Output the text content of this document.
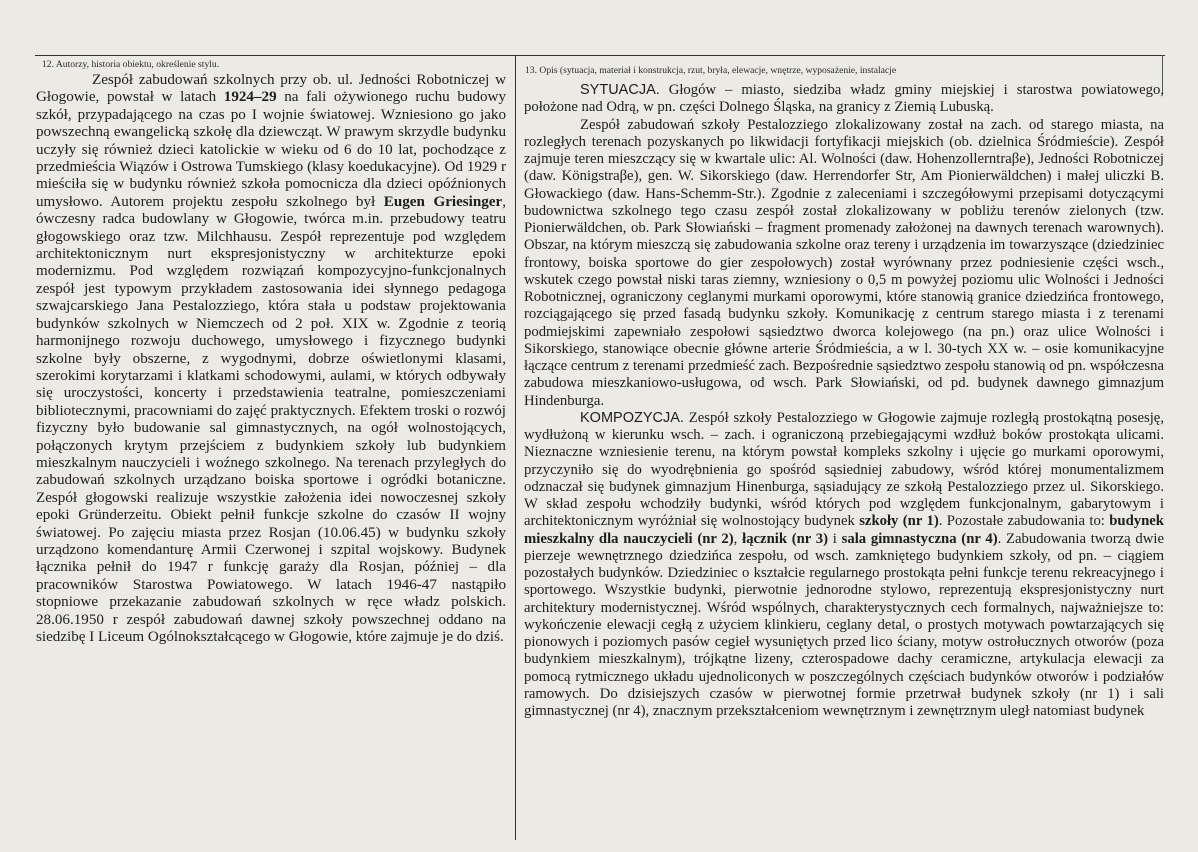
12. Autorzy, historia obiektu, określenie stylu.
13. Opis (sytuacja, materiał i konstrukcja, rzut, bryła, elewacje, wnętrze, wyposażenie, instalacje

Zespół zabudowań szkolnych przy ob. ul. Jedności Robotniczej w Głogowie, powstał w latach 1924–29 na fali ożywionego ruchu budowy szkół, przypadającego na czas po I wojnie światowej. Wzniesiono go jako powszechną ewangelicką szkołę dla dziewcząt. W prawym skrzydle budynku uczyły się również dzieci katolickie w wieku od 6 do 10 lat, pochodzące z przedmieścia Wiązów i Ostrowa Tumskiego (klasy koedukacyjne). Od 1929 r mieściła się w budynku również szkoła pomocnicza dla dzieci opóźnionych umysłowo. Autorem projektu zespołu szkolnego był Eugen Griesinger, ówczesny radca budowlany w Głogowie, twórca m.in. przebudowy teatru głogowskiego oraz tzw. Milchhausu. Zespół reprezentuje pod względem architektonicznym nurt ekspresjonistyczny w architekturze epoki modernizmu. Pod względem rozwiązań kompozycyjno-funkcjonalnych zespół jest typowym przykładem zastosowania idei słynnego pedagoga szwajcarskiego Jana Pestalozziego, która stała u podstaw projektowania budynków szkolnych w Niemczech od 2 poł. XIX w. Zgodnie z teorią harmonijnego rozwoju duchowego, umysłowego i fizycznego budynki szkolne były obszerne, z wygodnymi, dobrze oświetlonymi klasami, szerokimi korytarzami i klatkami schodowymi, aulami, w których odbywały się uroczystości, koncerty i przedstawienia teatralne, pomieszczeniami bibliotecznymi, pracowniami do zajęć praktycznych. Efektem troski o rozwój fizyczny było budowanie sal gimnastycznych, na ogół wolnostojących, połączonych krytym przejściem z budynkiem szkoły lub budynkiem mieszkalnym nauczycieli i woźnego szkolnego. Na terenach przyległych do zabudowań szkolnych urządzano boiska sportowe i ogródki botaniczne. Zespół głogowski realizuje wszystkie założenia idei nowoczesnej szkoły epoki Gründerzeitu. Obiekt pełnił funkcje szkolne do czasów II wojny światowej. Po zajęciu miasta przez Rosjan (10.06.45) w budynku szkoły urządzono komendanturę Armii Czerwonej i szpital wojskowy. Budynek łącznika pełnił do 1947 r funkcję garaży dla Rosjan, później – dla pracowników Starostwa Powiatowego. W latach 1946-47 nastąpiło stopniowe przekazanie zabudowań szkolnych w ręce władz polskich. 28.06.1950 r zespół zabudowań dawnej szkoły powszechnej oddano na siedzibę I Liceum Ogólnokształcącego w Głogowie, które zajmuje je do dziś.

SYTUACJA. Głogów – miasto, siedziba władz gminy miejskiej i starostwa powiatowego, położone nad Odrą, w pn. części Dolnego Śląska, na granicy z Ziemią Lubuską.

Zespół zabudowań szkoły Pestalozziego zlokalizowany został na zach. od starego miasta, na rozległych terenach pozyskanych po likwidacji fortyfikacji miejskich (ob. dzielnica Śródmieście). Zespół zajmuje teren mieszczący się w kwartale ulic: Al. Wolności (daw. Hohenzollerntraβe), Jedności Robotniczej (daw. Königstraβe), gen. W. Sikorskiego (daw. Herrendorfer Str, Am Pionierwäldchen) i małej uliczki B. Głowackiego (daw. Hans-Schemm-Str.). Zgodnie z zaleceniami i szczegółowymi przepisami dotyczącymi budownictwa szkolnego tego czasu zespół został zlokalizowany w pobliżu terenów zielonych (tzw. Pionierwäldchen, ob. Park Słowiański – fragment promenady założonej na dawnych terenach warownych). Obszar, na którym mieszczą się zabudowania szkolne oraz tereny i urządzenia im towarzyszące (dziedziniec frontowy, boiska sportowe do gier zespołowych) został wyrównany przez podniesienie części wsch., wskutek czego powstał niski taras ziemny, wzniesiony o 0,5 m powyżej poziomu ulic Wolności i Jedności Robotnicznej, ograniczony ceglanymi murkami oporowymi, które stanowią granice dziedzińca frontowego, rozciągającego się przed fasadą budynku szkoły. Komunikację z centrum starego miasta i z terenami podmiejskimi zapewniało zespołowi sąsiedztwo dworca kolejowego (na pn.) oraz ulice Wolności i Sikorskiego, stanowiące obecnie główne arterie Śródmieścia, a w l. 30-tych XX w. – osie komunikacyjne łączące centrum z terenami przedmieść zach. Bezpośrednie sąsiedztwo zespołu stanowią od pn. współczesna zabudowa mieszkaniowo-usługowa, od wsch. Park Słowiański, od pd. budynek dawnego gimnazjum Hindenburga.

KOMPOZYCJA. Zespół szkoły Pestalozziego w Głogowie zajmuje rozległą prostokątną posesję, wydłużoną w kierunku wsch. – zach. i ograniczoną przebiegającymi wzdłuż boków prostokąta ulicami. Nieznaczne wzniesienie terenu, na którym powstał kompleks szkolny i ujęcie go murkami oporowymi, przyczyniło się do wyodrębnienia go spośród sąsiedniej zabudowy, wśród której monumentalizmem odznaczał się budynek gimnazjum Hinenburga, sąsiadujący ze szkołą Pestalozziego przez ul. Sikorskiego. W skład zespołu wchodziły budynki, wśród których pod względem funkcjonalnym, gabarytowym i architektonicznym wyróżniał się wolnostojący budynek szkoły (nr 1). Pozostałe zabudowania to: budynek mieszkalny dla nauczycieli (nr 2), łącznik (nr 3) i sala gimnastyczna (nr 4). Zabudowania tworzą dwie pierzeje wewnętrznego dziedzińca zespołu, od wsch. zamkniętego budynkiem szkoły, od pn. – ciągiem pozostałych budynków. Dziedziniec o kształcie regularnego prostokąta pełni funkcje terenu rekreacyjnego i sportowego. Wszystkie budynki, pierwotnie jednorodne stylowo, reprezentują ekspresjonistyczny nurt architektury modernistycznej. Wśród wspólnych, charakterystycznych cech formalnych, najważniejsze to: wykończenie elewacji cegłą z użyciem klinkieru, ceglany detal, o prostych motywach powtarzających się pionowych i poziomych pasów cegieł wysuniętych przed lico ściany, motyw ostrołucznych otworów (poza budynkiem mieszkalnym), trójkątne lizeny, czterospadowe dachy ceramiczne, artykulacja elewacji za pomocą rytmicznego układu ujednoliconych w poszczególnych częściach budynków otworów i podziałów ramowych. Do dzisiejszych czasów w pierwotnej formie przetrwał budynek szkoły (nr 1) i sali gimnastycznej (nr 4), znacznym przekształceniom wewnętrznym i zewnętrznym uległ natomiast budynek
